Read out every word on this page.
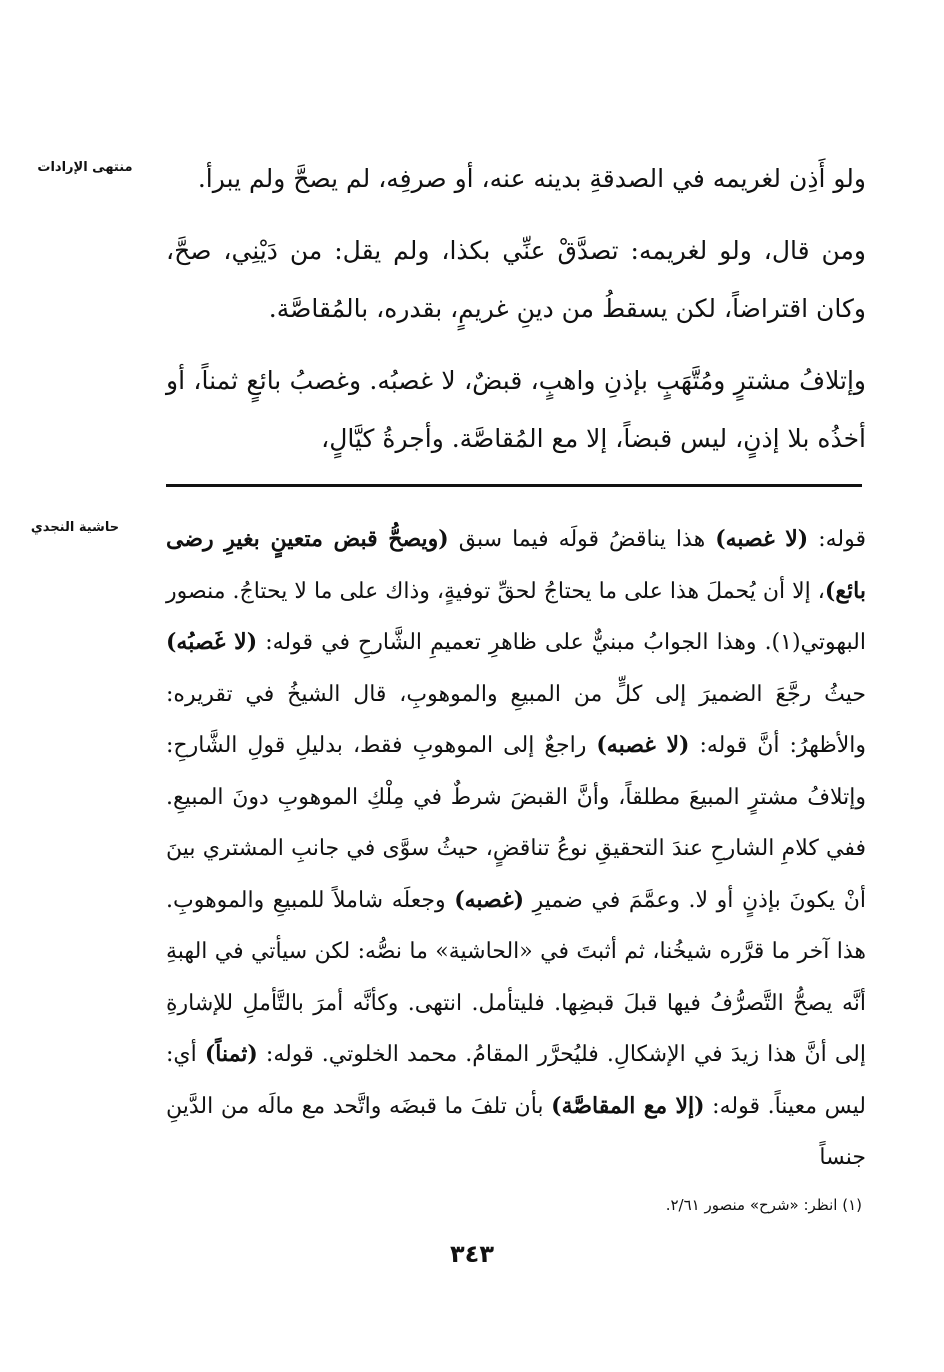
منتهى الإرادات
حاشية النجدي

ولو أَذِن لغريمه في الصدقةِ بدينه عنه، أو صرفِه، لم يصحَّ ولم يبرأ.

ومن قال، ولو لغريمه: تصدَّقْ عنِّي بكذا، ولم يقل: من دَيْنِي، صحَّ، وكان اقتراضاً، لكن يسقطُ من دينِ غريمٍ، بقدره، بالمُقاصَّة.

وإتلافُ مشترٍ ومُتَّهَبٍ بإذنِ واهبٍ، قبضٌ، لا غصبُه. وغصبُ بائعٍ ثمناً، أو أخذُه بلا إذنٍ، ليس قبضاً، إلا مع المُقاصَّة. وأجرةُ كيَّالٍ،

قوله: (لا غصبه) هذا يناقضُ قولَه فيما سبق (ويصحُّ قبض متعينٍ بغيرِ رضى بائع)، إلا أن يُحملَ هذا على ما يحتاجُ لحقِّ توفيةٍ، وذاك على ما لا يحتاجُ. منصور البهوتي(١). وهذا الجوابُ مبنيٌّ على ظاهرِ تعميمِ الشَّارحِ في قوله: (لا غَصبُه) حيثُ رجَّعَ الضميرَ إلى كلٍّ من المبيعِ والموهوبِ، قال الشيخُ في تقريره: والأظهرُ: أنَّ قوله: (لا غصبه) راجعٌ إلى الموهوبِ فقط، بدليلِ قولِ الشَّارحِ: وإتلافُ مشترٍ المبيعَ مطلقاً، وأنَّ القبضَ شرطٌ في مِلْكِ الموهوبِ دونَ المبيعِ. ففي كلامِ الشارحِ عندَ التحقيقِ نوعُ تناقضٍ، حيثُ سوَّى في جانبِ المشتري بينَ أنْ يكونَ بإذنٍ أو لا. وعمَّمَ في ضميرِ (غصبه) وجعلَه شاملاً للمبيعِ والموهوبِ. هذا آخر ما قرَّره شيخُنا، ثم أثبتَ في «الحاشية» ما نصُّه: لكن سيأتي في الهبةِ أنَّه يصحُّ التَّصرُّفُ فيها قبلَ قبضِها. فليتأمل. انتهى. وكأنَّه أمرَ بالتَّأملِ للإشارةِ إلى أنَّ هذا زيدَ في الإشكالِ. فليُحرَّر المقامُ. محمد الخلوتي. قوله: (ثمناً) أي: ليس معيناً. قوله: (إلا مع المقاصَّة) بأن تلفَ ما قبضَه واتَّحد مع مالَه من الدَّينِ جنساً

(١) انظر: «شرح» منصور ٢/٦١.
٣٤٣
